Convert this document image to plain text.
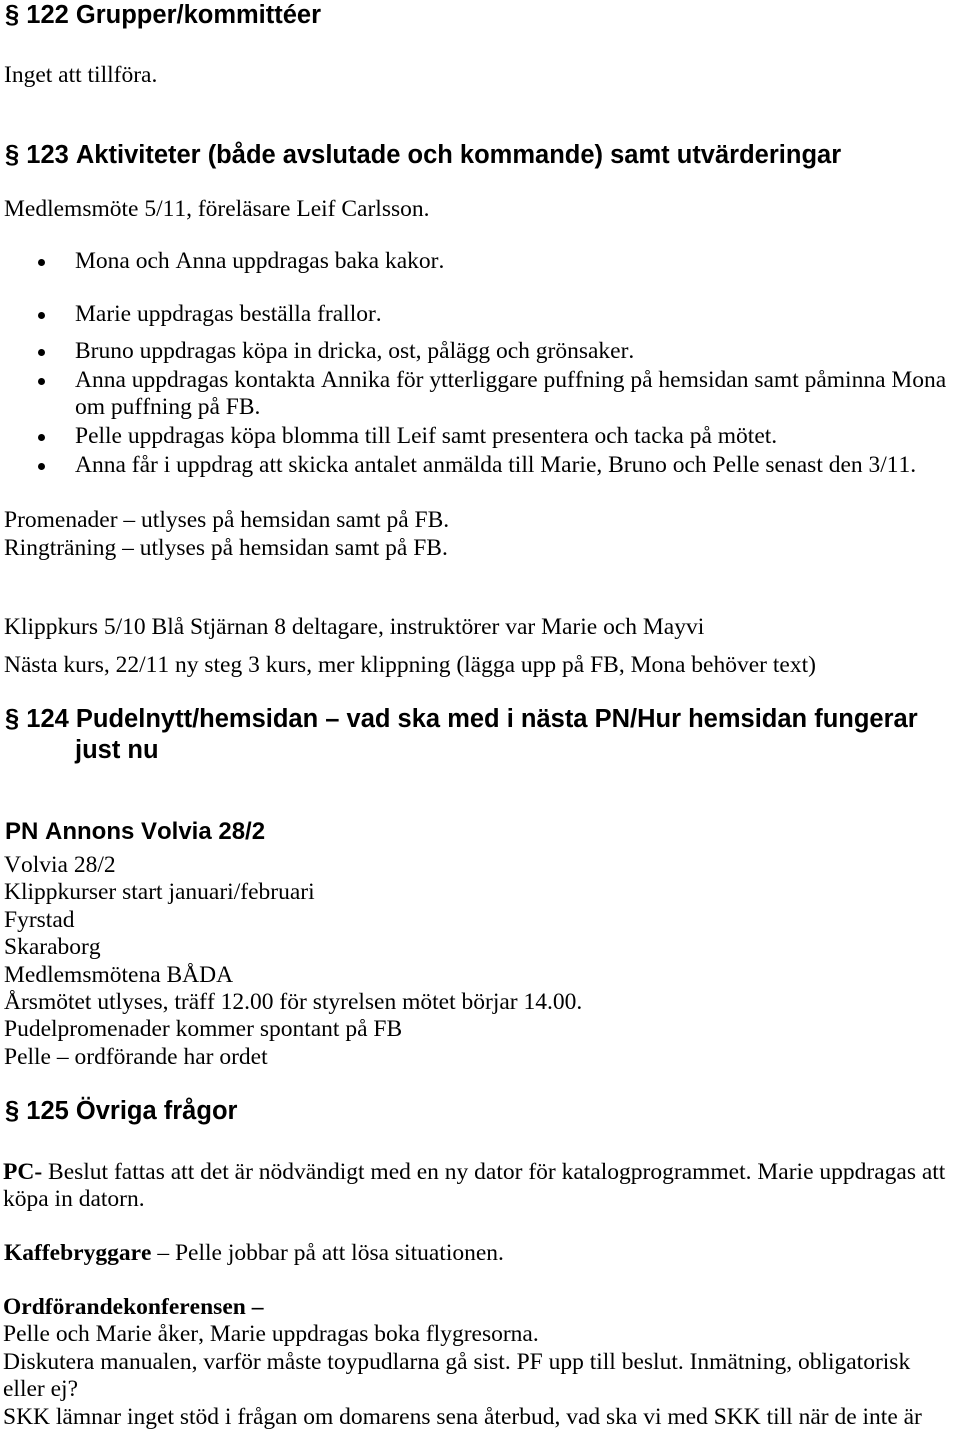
§ 122 Grupper/kommittéer
Inget att tillföra.
§ 123 Aktiviteter (både avslutade och kommande) samt utvärderingar
Medlemsmöte 5/11, föreläsare Leif Carlsson.
Mona och Anna uppdragas baka kakor.
Marie uppdragas beställa frallor.
Bruno uppdragas köpa in dricka, ost, pålägg och grönsaker.
Anna uppdragas kontakta Annika för ytterliggare puffning på hemsidan samt påminna Mona om puffning på FB.
Pelle uppdragas köpa blomma till Leif samt presentera och tacka på mötet.
Anna får i uppdrag att skicka antalet anmälda till Marie, Bruno och Pelle senast den 3/11.
Promenader – utlyses på hemsidan samt på FB.
Ringträning – utlyses på hemsidan samt på FB.
Klippkurs 5/10 Blå Stjärnan 8 deltagare, instruktörer var Marie och Mayvi
Nästa kurs, 22/11 ny steg 3 kurs, mer klippning (lägga upp på FB, Mona behöver text)
§ 124 Pudelnytt/hemsidan – vad ska med i nästa PN/Hur hemsidan fungerar just nu
PN Annons Volvia 28/2
Volvia 28/2
Klippkurser start januari/februari
Fyrstad
Skaraborg
Medlemsmötena BÅDA
Årsmötet utlyses, träff 12.00 för styrelsen mötet börjar 14.00.
Pudelpromenader kommer spontant på FB
Pelle – ordförande har ordet
§ 125 Övriga frågor
PC- Beslut fattas att det är nödvändigt med en ny dator för katalogprogrammet. Marie uppdragas att köpa in datorn.
Kaffebryggare – Pelle jobbar på att lösa situationen.
Ordförandekonferensen –
Pelle och Marie åker, Marie uppdragas boka flygresorna.
Diskutera manualen, varför måste toypudlarna gå sist. PF upp till beslut. Inmätning, obligatorisk eller ej?
SKK lämnar inget stöd i frågan om domarens sena återbud, vad ska vi med SKK till när de inte är
